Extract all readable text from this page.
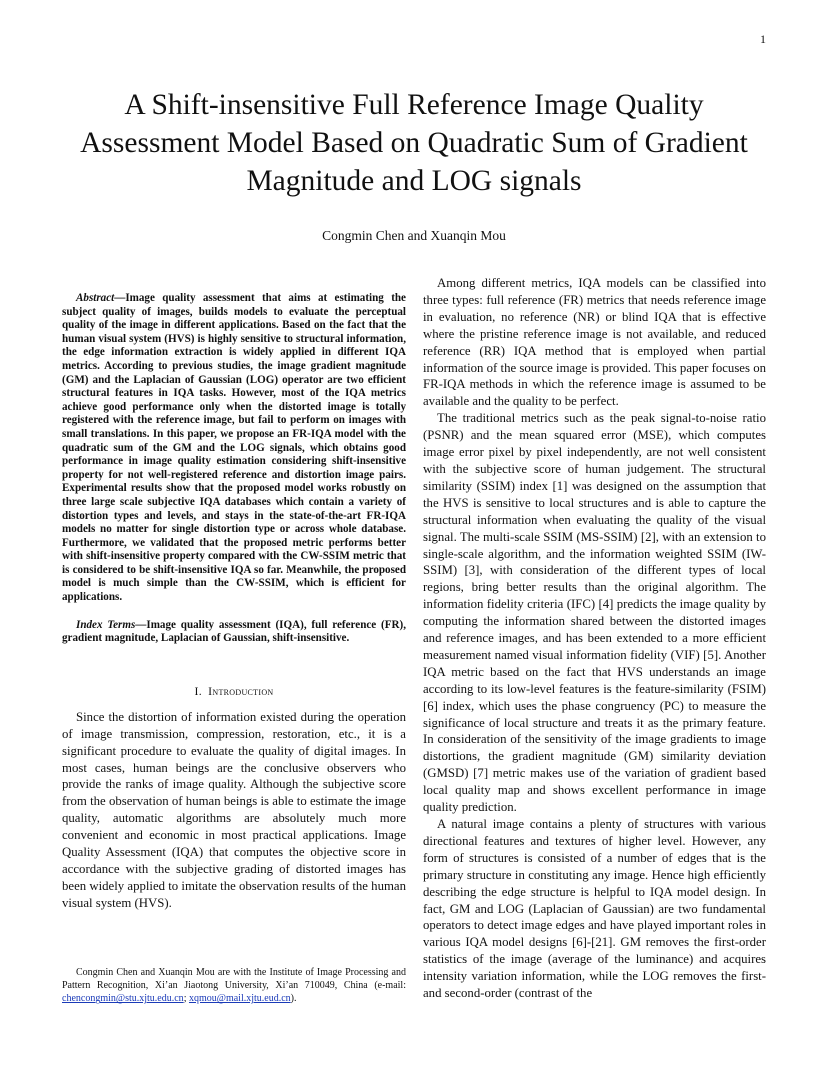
1
A Shift-insensitive Full Reference Image Quality Assessment Model Based on Quadratic Sum of Gradient Magnitude and LOG signals
Congmin Chen and Xuanqin Mou

Abstract—Image quality assessment that aims at estimating the subject quality of images, builds models to evaluate the perceptual quality of the image in different applications. Based on the fact that the human visual system (HVS) is highly sensitive to structural information, the edge information extraction is widely applied in different IQA metrics. According to previous studies, the image gradient magnitude (GM) and the Laplacian of Gaussian (LOG) operator are two efficient structural features in IQA tasks. However, most of the IQA metrics achieve good performance only when the distorted image is totally registered with the reference image, but fail to perform on images with small translations. In this paper, we propose an FR-IQA model with the quadratic sum of the GM and the LOG signals, which obtains good performance in image quality estimation considering shift-insensitive property for not well-registered reference and distortion image pairs. Experimental results show that the proposed model works robustly on three large scale subjective IQA databases which contain a variety of distortion types and levels, and stays in the state-of-the-art FR-IQA models no matter for single distortion type or across whole database. Furthermore, we validated that the proposed metric performs better with shift-insensitive property compared with the CW-SSIM metric that is considered to be shift-insensitive IQA so far. Meanwhile, the proposed model is much simple than the CW-SSIM, which is efficient for applications.

Index Terms—Image quality assessment (IQA), full reference (FR), gradient magnitude, Laplacian of Gaussian, shift-insensitive.

I. Introduction

Since the distortion of information existed during the operation of image transmission, compression, restoration, etc., it is a significant procedure to evaluate the quality of digital images. In most cases, human beings are the conclusive observers who provide the ranks of image quality. Although the subjective score from the observation of human beings is able to estimate the image quality, automatic algorithms are absolutely much more convenient and economic in most practical applications. Image Quality Assessment (IQA) that computes the objective score in accordance with the subjective grading of distorted images has been widely applied to imitate the observation results of the human visual system (HVS).

Congmin Chen and Xuanqin Mou are with the Institute of Image Processing and Pattern Recognition, Xi’an Jiaotong University, Xi’an 710049, China (e-mail: chencongmin@stu.xjtu.edu.cn; xqmou@mail.xjtu.eud.cn).

Among different metrics, IQA models can be classified into three types: full reference (FR) metrics that needs reference image in evaluation, no reference (NR) or blind IQA that is effective where the pristine reference image is not available, and reduced reference (RR) IQA method that is employed when partial information of the source image is provided. This paper focuses on FR-IQA methods in which the reference image is assumed to be available and the quality to be perfect.

The traditional metrics such as the peak signal-to-noise ratio (PSNR) and the mean squared error (MSE), which computes image error pixel by pixel independently, are not well consistent with the subjective score of human judgement. The structural similarity (SSIM) index [1] was designed on the assumption that the HVS is sensitive to local structures and is able to capture the structural information when evaluating the quality of the visual signal. The multi-scale SSIM (MS-SSIM) [2], with an extension to single-scale algorithm, and the information weighted SSIM (IW-SSIM) [3], with consideration of the different types of local regions, bring better results than the original algorithm. The information fidelity criteria (IFC) [4] predicts the image quality by computing the information shared between the distorted images and reference images, and has been extended to a more efficient measurement named visual information fidelity (VIF) [5]. Another IQA metric based on the fact that HVS understands an image according to its low-level features is the feature-similarity (FSIM) [6] index, which uses the phase congruency (PC) to measure the significance of local structure and treats it as the primary feature. In consideration of the sensitivity of the image gradients to image distortions, the gradient magnitude (GM) similarity deviation (GMSD) [7] metric makes use of the variation of gradient based local quality map and shows excellent performance in image quality prediction.

A natural image contains a plenty of structures with various directional features and textures of higher level. However, any form of structures is consisted of a number of edges that is the primary structure in constituting any image. Hence high efficiently describing the edge structure is helpful to IQA model design. In fact, GM and LOG (Laplacian of Gaussian) are two fundamental operators to detect image edges and have played important roles in various IQA model designs [6]-[21]. GM removes the first-order statistics of the image (average of the luminance) and acquires intensity variation information, while the LOG removes the first- and second-order (contrast of the
